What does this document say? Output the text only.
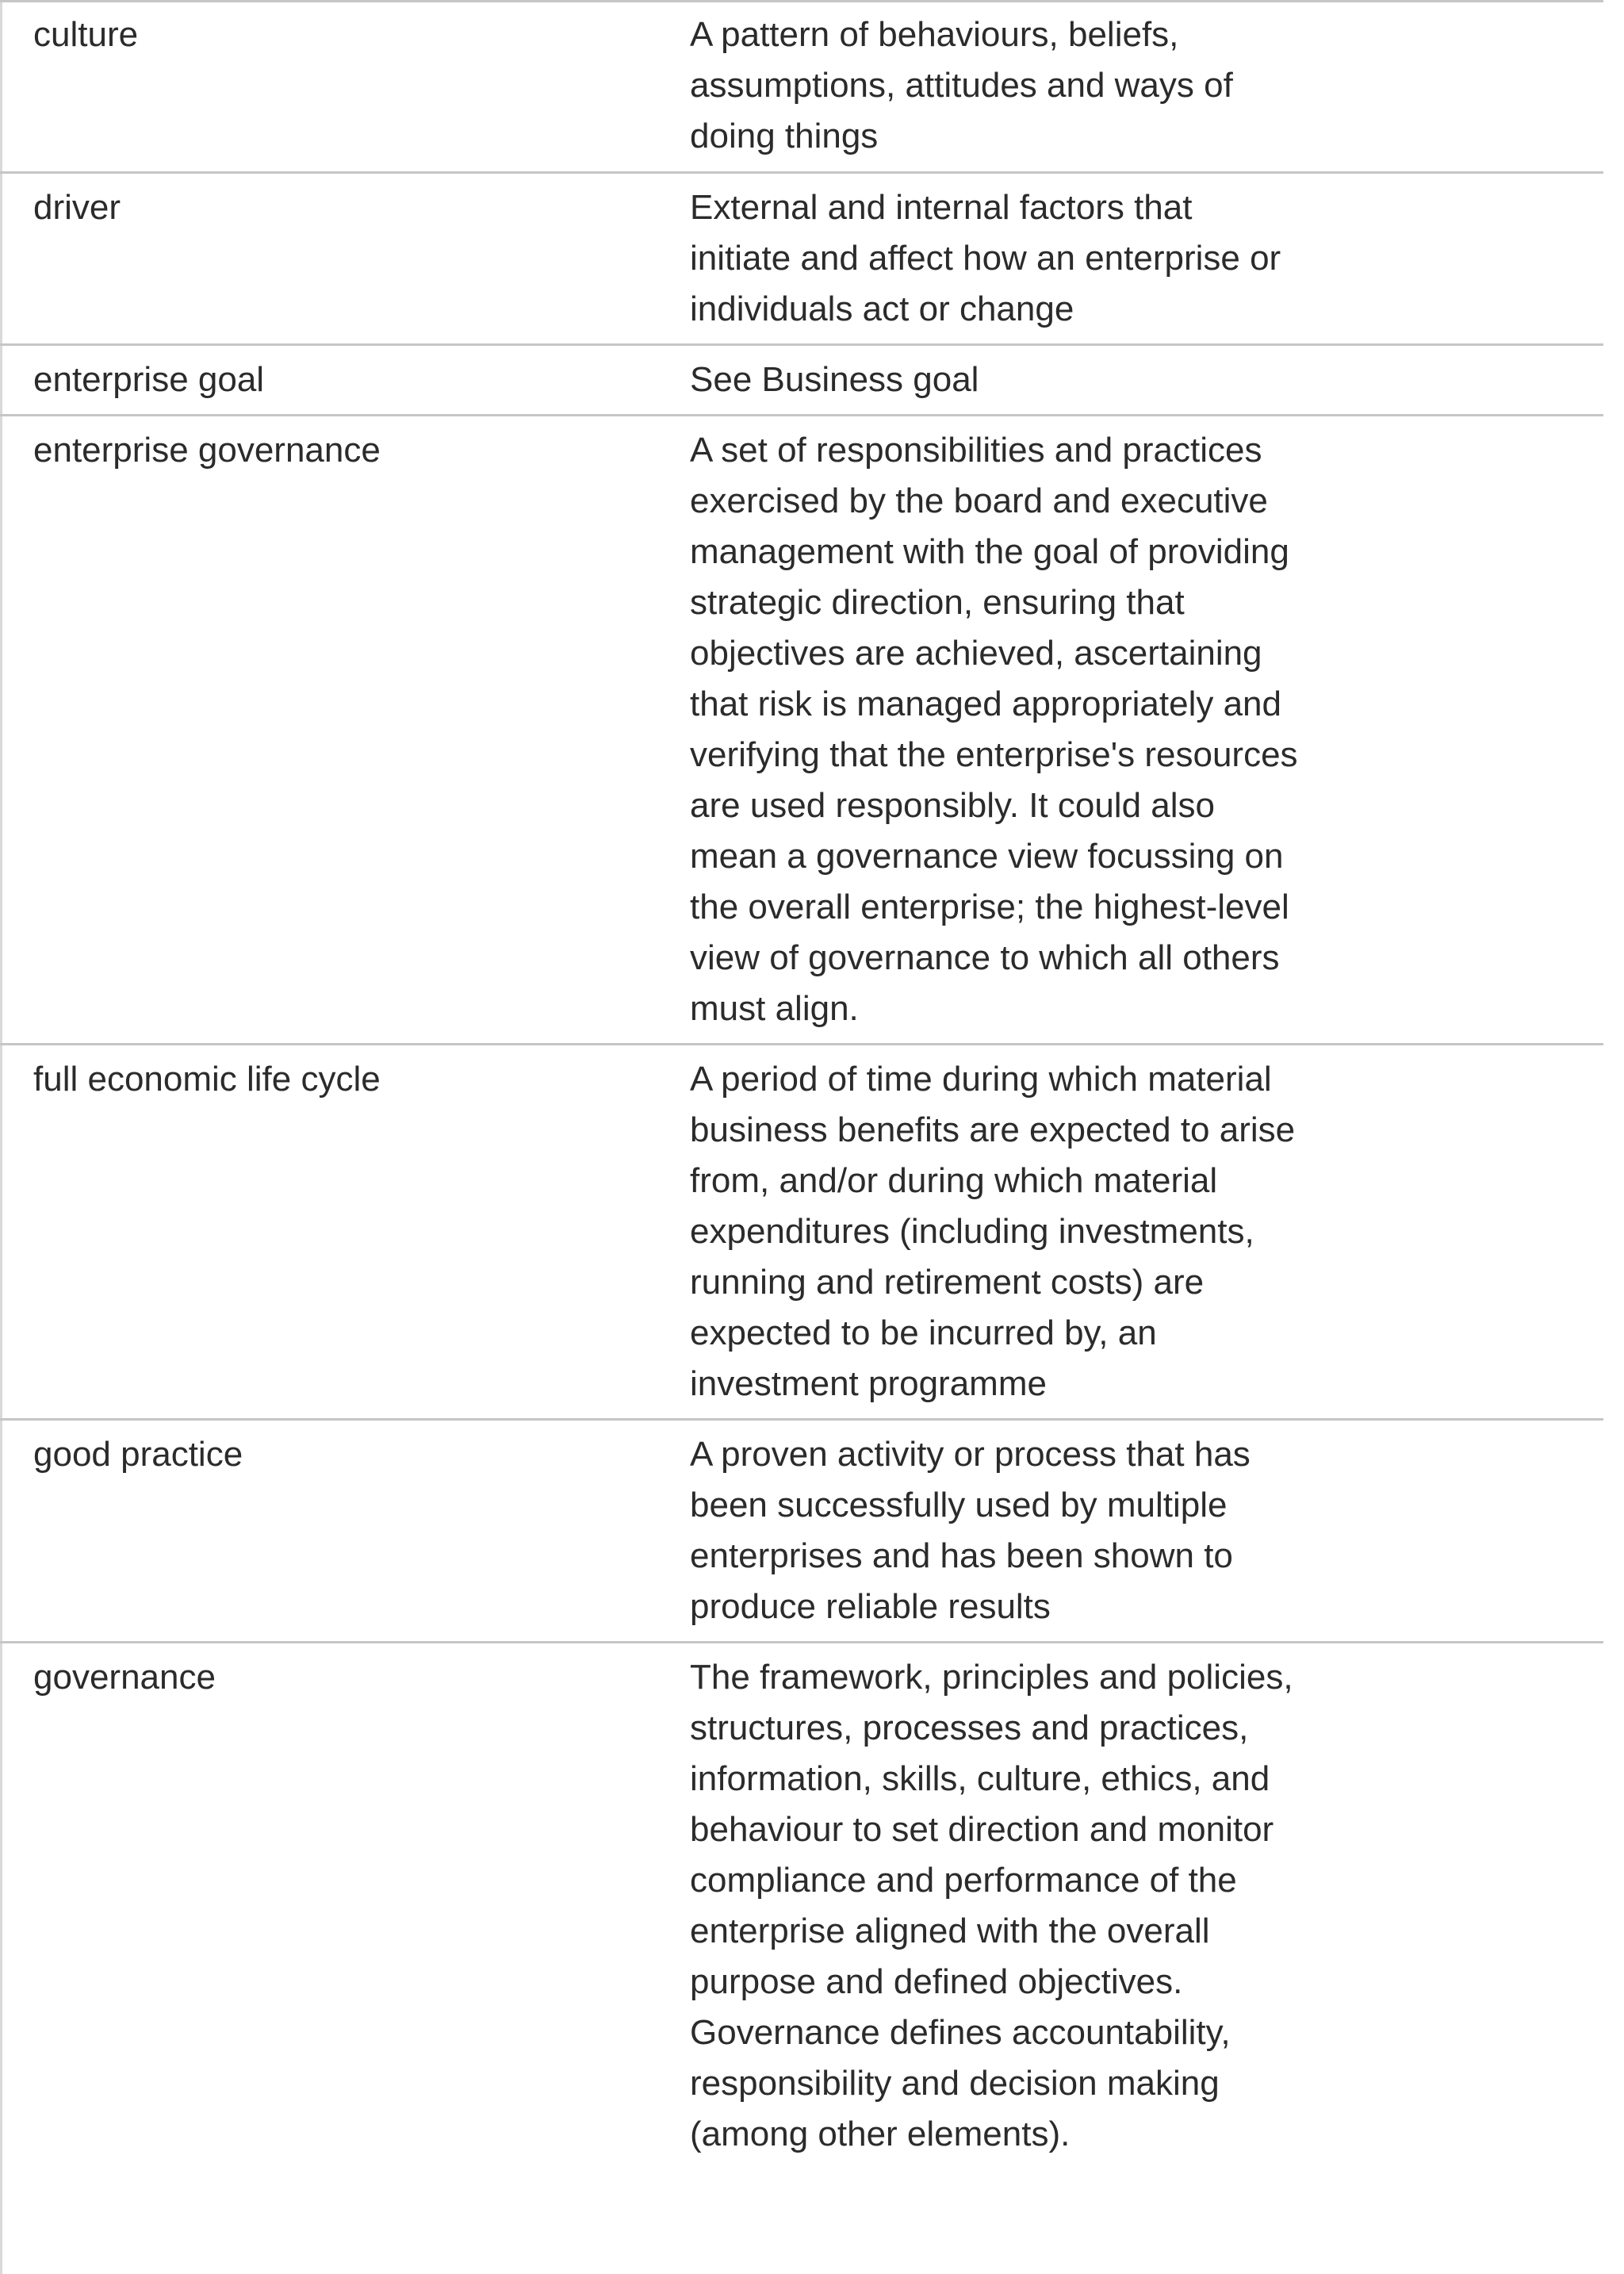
culture	A pattern of behaviours, beliefs,
assumptions, attitudes and ways of
doing things
driver	External and internal factors that
initiate and affect how an enterprise or
individuals act or change
enterprise goal	See Business goal
enterprise governance	A set of responsibilities and practices
exercised by the board and executive
management with the goal of providing
strategic direction, ensuring that
objectives are achieved, ascertaining
that risk is managed appropriately and
verifying that the enterprise's resources
are used responsibly. It could also
mean a governance view focussing on
the overall enterprise; the highest-level
view of governance to which all others
must align.
full economic life cycle	A period of time during which material
business benefits are expected to arise
from, and/or during which material
expenditures (including investments,
running and retirement costs) are
expected to be incurred by, an
investment programme
good practice	A proven activity or process that has
been successfully used by multiple
enterprises and has been shown to
produce reliable results
governance	The framework, principles and policies,
structures, processes and practices,
information, skills, culture, ethics, and
behaviour to set direction and monitor
compliance and performance of the
enterprise aligned with the overall
purpose and defined objectives.
Governance defines accountability,
responsibility and decision making
(among other elements).
